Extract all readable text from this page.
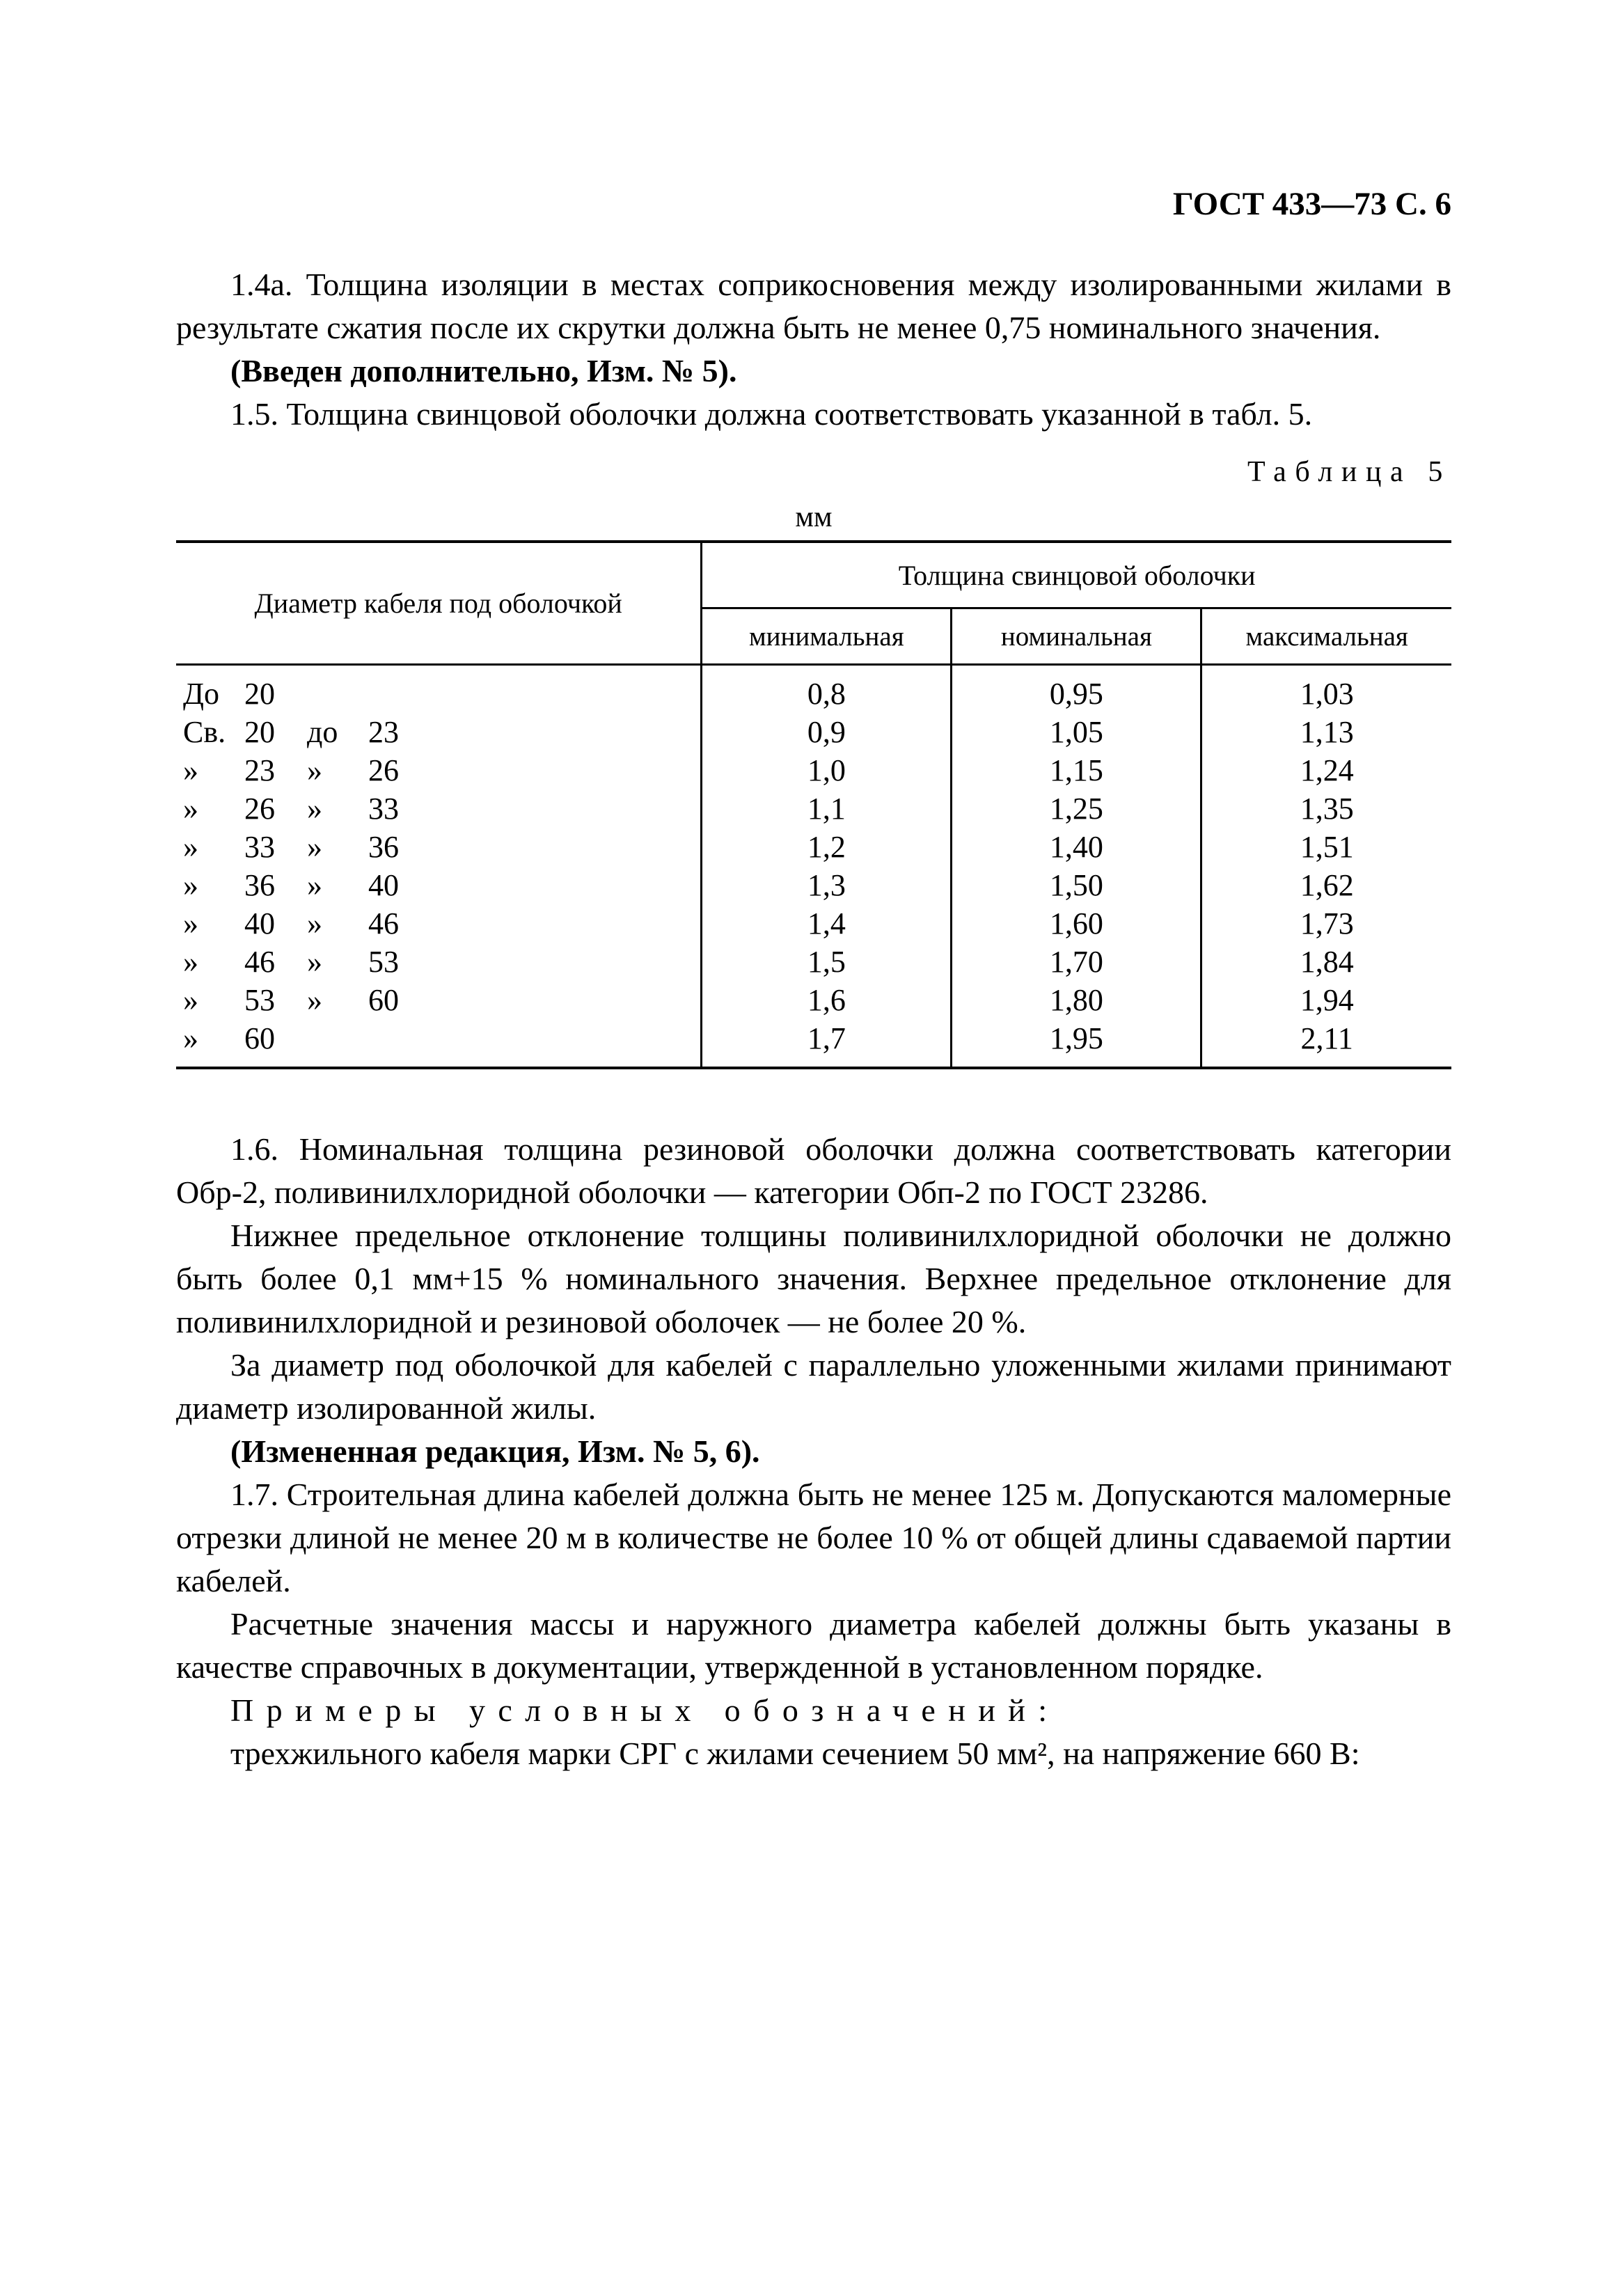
ГОСТ 433—73 С. 6

1.4а. Толщина изоляции в местах соприкосновения между изолированными жилами в результате сжатия после их скрутки должна быть не менее 0,75 номинального значения.

(Введен дополнительно, Изм. № 5).

1.5. Толщина свинцовой оболочки должна соответствовать указанной в табл. 5.

Таблица 5
мм
Диаметр кабеля под оболочкой	Толщина свинцовой оболочки		
	минимальная	номинальная	максимальная
До 20	0,8	0,95	1,03
Св. 20 до 23	0,9	1,05	1,13
» 23 » 26	1,0	1,15	1,24
» 26 » 33	1,1	1,25	1,35
» 33 » 36	1,2	1,40	1,51
» 36 » 40	1,3	1,50	1,62
» 40 » 46	1,4	1,60	1,73
» 46 » 53	1,5	1,70	1,84
» 53 » 60	1,6	1,80	1,94
» 60	1,7	1,95	2,11

1.6. Номинальная толщина резиновой оболочки должна соответствовать категории Обр-2, поливинилхлоридной оболочки — категории Обп-2 по ГОСТ 23286.

Нижнее предельное отклонение толщины поливинилхлоридной оболочки не должно быть более 0,1 мм+15 % номинального значения. Верхнее предельное отклонение для поливинилхлоридной и резиновой оболочек — не более 20 %.

За диаметр под оболочкой для кабелей с параллельно уложенными жилами принимают диаметр изолированной жилы.

(Измененная редакция, Изм. № 5, 6).

1.7. Строительная длина кабелей должна быть не менее 125 м. Допускаются маломерные отрезки длиной не менее 20 м в количестве не более 10 % от общей длины сдаваемой партии кабелей.

Расчетные значения массы и наружного диаметра кабелей должны быть указаны в качестве справочных в документации, утвержденной в установленном порядке.

Примеры условных обозначений:

трехжильного кабеля марки СРГ с жилами сечением 50 мм², на напряжение 660 В:
